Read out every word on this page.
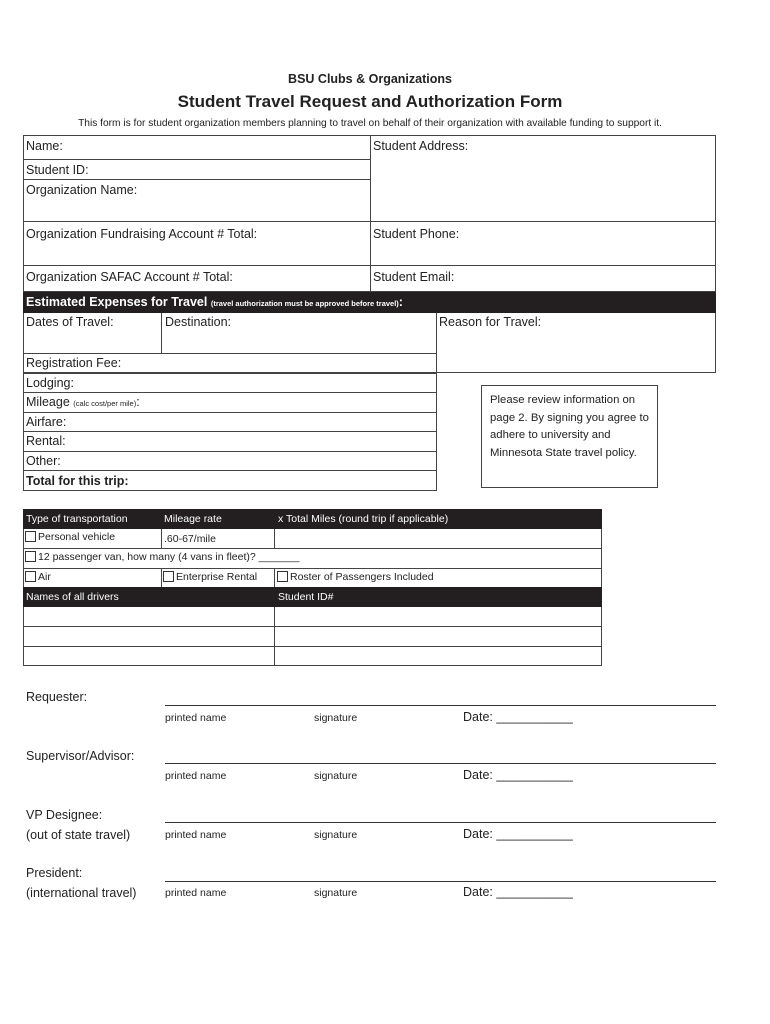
BSU Clubs & Organizations
Student Travel Request and Authorization Form
This form is for student organization members planning to travel on behalf of their organization with available funding to support it.
Name:	Student Address:
Student ID:
Organization Name:
Organization Fundraising Account # Total:	Student Phone:
Organization SAFAC Account # Total:	Student Email:
Estimated Expenses for Travel (travel authorization must be approved before travel):
Dates of Travel:	Destination:	Reason for Travel:
Registration Fee:
Lodging:
Mileage (calc cost/per mile):
Airfare:
Rental:
Other:
Total for this trip:
Please review information on page 2. By signing you agree to adhere to university and Minnesota State travel policy.
Type of transportation	Mileage rate	x Total Miles (round trip if applicable)
Personal vehicle	.60-67/mile
12 passenger van, how many (4 vans in fleet)? _______
Air	Enterprise Rental	Roster of Passengers Included
Names of all drivers	Student ID#
Requester:
printed name	signature	Date: ___________
Supervisor/Advisor:
printed name	signature	Date: ___________
VP Designee:
(out of state travel)	printed name	signature	Date: ___________
President:
(international travel)	printed name	signature	Date: ___________
